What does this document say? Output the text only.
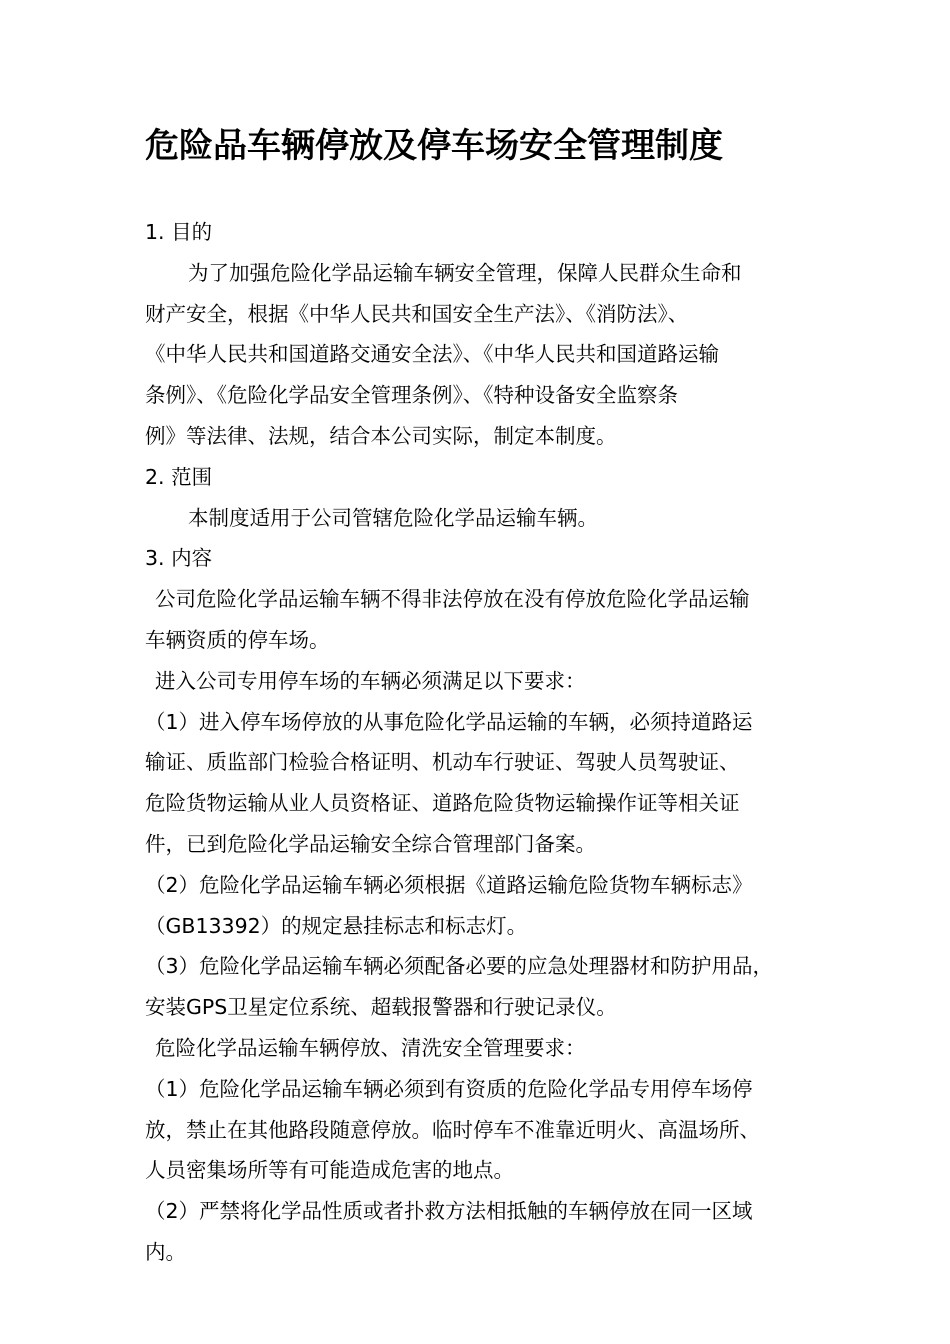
危险品车辆停放及停车场安全管理制度
1. 目的
为了加强危险化学品运输车辆安全管理，保障人民群众生命和
财产安全，根据《中华人民共和国安全生产法》、《消防法》、
《中华人民共和国道路交通安全法》、《中华人民共和国道路运输
条例》、《危险化学品安全管理条例》、《特种设备安全监察条
例》等法律、法规，结合本公司实际，制定本制度。
2. 范围
本制度适用于公司管辖危险化学品运输车辆。
3. 内容
公司危险化学品运输车辆不得非法停放在没有停放危险化学品运输
车辆资质的停车场。
进入公司专用停车场的车辆必须满足以下要求：
（1）进入停车场停放的从事危险化学品运输的车辆，必须持道路运
输证、质监部门检验合格证明、机动车行驶证、驾驶人员驾驶证、
危险货物运输从业人员资格证、道路危险货物运输操作证等相关证
件，已到危险化学品运输安全综合管理部门备案。
（2）危险化学品运输车辆必须根据《道路运输危险货物车辆标志》
（GB13392）的规定悬挂标志和标志灯。
（3）危险化学品运输车辆必须配备必要的应急处理器材和防护用品，
安装GPS卫星定位系统、超载报警器和行驶记录仪。
危险化学品运输车辆停放、清洗安全管理要求：
（1）危险化学品运输车辆必须到有资质的危险化学品专用停车场停
放，禁止在其他路段随意停放。临时停车不准靠近明火、高温场所、
人员密集场所等有可能造成危害的地点。
（2）严禁将化学品性质或者扑救方法相抵触的车辆停放在同一区域
内。
